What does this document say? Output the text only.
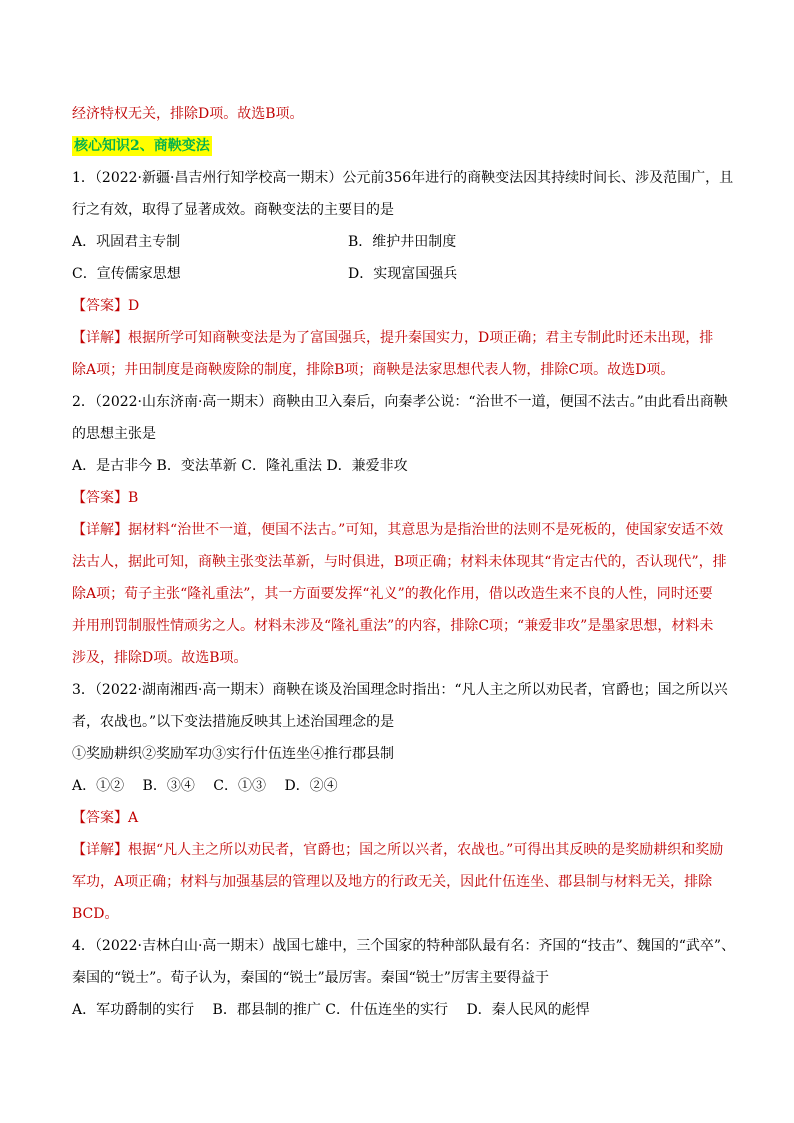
经济特权无关，排除D项。故选B项。
核心知识2、商鞅变法
1．（2022·新疆·昌吉州行知学校高一期末）公元前356年进行的商鞅变法因其持续时间长、涉及范围广，且
行之有效，取得了显著成效。商鞅变法的主要目的是
A．巩固君主专制	B．维护井田制度
C．宣传儒家思想	D．实现富国强兵
【答案】D
【详解】根据所学可知商鞅变法是为了富国强兵，提升秦国实力，D项正确；君主专制此时还未出现，排
除A项；井田制度是商鞅废除的制度，排除B项；商鞅是法家思想代表人物，排除C项。故选D项。
2．（2022·山东济南·高一期末）商鞅由卫入秦后，向秦孝公说：“治世不一道，便国不法古。”由此看出商鞅
的思想主张是
A．是古非今 B．变法革新 C．隆礼重法 D．兼爱非攻
【答案】B
【详解】据材料“治世不一道，便国不法古。”可知，其意思为是指治世的法则不是死板的，使国家安适不效
法古人，据此可知，商鞅主张变法革新，与时俱进，B项正确；材料未体现其“肯定古代的，否认现代”，排
除A项；荀子主张“隆礼重法”，其一方面要发挥“礼义”的教化作用，借以改造生来不良的人性，同时还要
并用刑罚制服性情顽劣之人。材料未涉及“隆礼重法”的内容，排除C项；“兼爱非攻”是墨家思想，材料未
涉及，排除D项。故选B项。
3．（2022·湖南湘西·高一期末）商鞅在谈及治国理念时指出：“凡人主之所以劝民者，官爵也；国之所以兴
者，农战也。”以下变法措施反映其上述治国理念的是
①奖励耕织②奖励军功③实行什伍连坐④推行郡县制
A．①②　 B．③④　 C．①③　 D．②④
【答案】A
【详解】根据“凡人主之所以劝民者，官爵也；国之所以兴者，农战也。”可得出其反映的是奖励耕织和奖励
军功，A项正确；材料与加强基层的管理以及地方的行政无关，因此什伍连坐、郡县制与材料无关，排除
BCD。
4．（2022·吉林白山·高一期末）战国七雄中，三个国家的特种部队最有名：齐国的“技击”、魏国的“武卒”、
秦国的“锐士”。荀子认为，秦国的“锐士”最厉害。秦国“锐士”厉害主要得益于
A．军功爵制的实行　 B．郡县制的推广 C．什伍连坐的实行　 D．秦人民风的彪悍
